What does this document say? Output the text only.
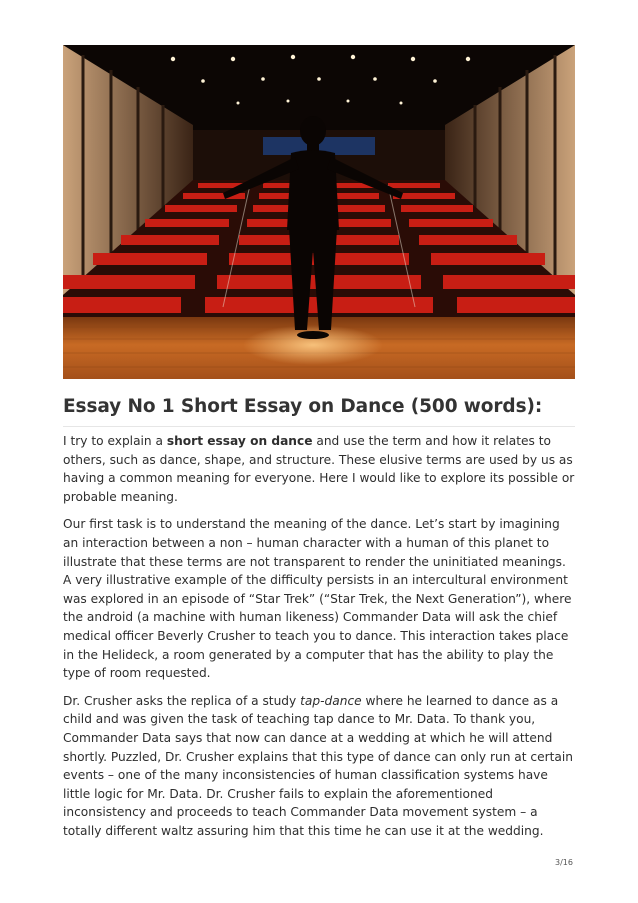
Essay No 1 Short Essay on Dance (500 words):

I try to explain a short essay on dance and use the term and how it relates to others, such as dance, shape, and structure. These elusive terms are used by us as having a common meaning for everyone. Here I would like to explore its possible or probable meaning.

Our first task is to understand the meaning of the dance. Let’s start by imagining an interaction between a non – human character with a human of this planet to illustrate that these terms are not transparent to render the uninitiated meanings. A very illustrative example of the difficulty persists in an intercultural environment was explored in an episode of “Star Trek” (“Star Trek, the Next Generation”), where the android (a machine with human likeness) Commander Data will ask the chief medical officer Beverly Crusher to teach you to dance. This interaction takes place in the Helideck, a room generated by a computer that has the ability to play the type of room requested.

Dr. Crusher asks the replica of a study tap-dance where he learned to dance as a child and was given the task of teaching tap dance to Mr. Data. To thank you, Commander Data says that now can dance at a wedding at which he will attend shortly. Puzzled, Dr. Crusher explains that this type of dance can only run at certain events – one of the many inconsistencies of human classification systems have little logic for Mr. Data. Dr. Crusher fails to explain the aforementioned inconsistency and proceeds to teach Commander Data movement system – a totally different waltz assuring him that this time he can use it at the wedding.

3/16
